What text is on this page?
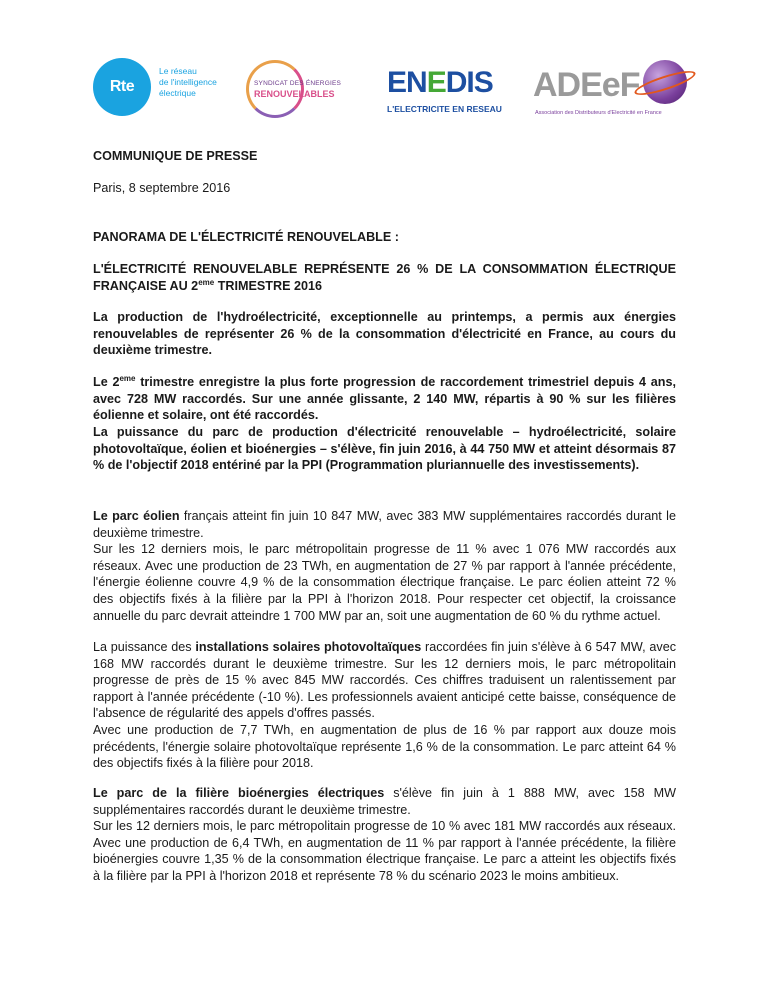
Rte
Le réseau
de l'intelligence
électrique
SYNDICAT DES ÉNERGIES
RENOUVELABLES ENEDIS
L'ELECTRICITE EN RESEAU
ADEeF
Association des Distributeurs d'Electricité en France

COMMUNIQUE DE PRESSE

Paris, 8 septembre 2016

PANORAMA DE L'ÉLECTRICITÉ RENOUVELABLE :

L'ÉLECTRICITÉ RENOUVELABLE REPRÉSENTE 26 % DE LA CONSOMMATION ÉLECTRIQUE FRANÇAISE AU 2eme TRIMESTRE 2016

La production de l'hydroélectricité, exceptionnelle au printemps, a permis aux énergies renouvelables de représenter 26 % de la consommation d'électricité en France, au cours du deuxième trimestre.

Le 2eme trimestre enregistre la plus forte progression de raccordement trimestriel depuis 4 ans, avec 728 MW raccordés. Sur une année glissante, 2 140 MW, répartis à 90 % sur les filières éolienne et solaire, ont été raccordés.

La puissance du parc de production d'électricité renouvelable – hydroélectricité, solaire photovoltaïque, éolien et bioénergies – s'élève, fin juin 2016, à 44 750 MW et atteint désormais 87 % de l'objectif 2018 entériné par la PPI (Programmation pluriannuelle des investissements).

Le parc éolien français atteint fin juin 10 847 MW, avec 383 MW supplémentaires raccordés durant le deuxième trimestre.

Sur les 12 derniers mois, le parc métropolitain progresse de 11 % avec 1 076 MW raccordés aux réseaux. Avec une production de 23 TWh, en augmentation de 27 % par rapport à l'année précédente, l'énergie éolienne couvre 4,9 % de la consommation électrique française. Le parc éolien atteint 72 % des objectifs fixés à la filière par la PPI à l'horizon 2018. Pour respecter cet objectif, la croissance annuelle du parc devrait atteindre 1 700 MW par an, soit une augmentation de 60 % du rythme actuel.

La puissance des installations solaires photovoltaïques raccordées fin juin s'élève à 6 547 MW, avec 168 MW raccordés durant le deuxième trimestre. Sur les 12 derniers mois, le parc métropolitain progresse de près de 15 % avec 845 MW raccordés. Ces chiffres traduisent un ralentissement par rapport à l'année précédente (-10 %). Les professionnels avaient anticipé cette baisse, conséquence de l'absence de régularité des appels d'offres passés.

Avec une production de 7,7 TWh, en augmentation de plus de 16 % par rapport aux douze mois précédents, l'énergie solaire photovoltaïque représente 1,6 % de la consommation. Le parc atteint 64 % des objectifs fixés à la filière pour 2018.

Le parc de la filière bioénergies électriques s'élève fin juin à 1 888 MW, avec 158 MW supplémentaires raccordés durant le deuxième trimestre.

Sur les 12 derniers mois, le parc métropolitain progresse de 10 % avec 181 MW raccordés aux réseaux. Avec une production de 6,4 TWh, en augmentation de 11 % par rapport à l'année précédente, la filière bioénergies couvre 1,35 % de la consommation électrique française. Le parc a atteint les objectifs fixés à la filière par la PPI à l'horizon 2018 et représente 78 % du scénario 2023 le moins ambitieux.
